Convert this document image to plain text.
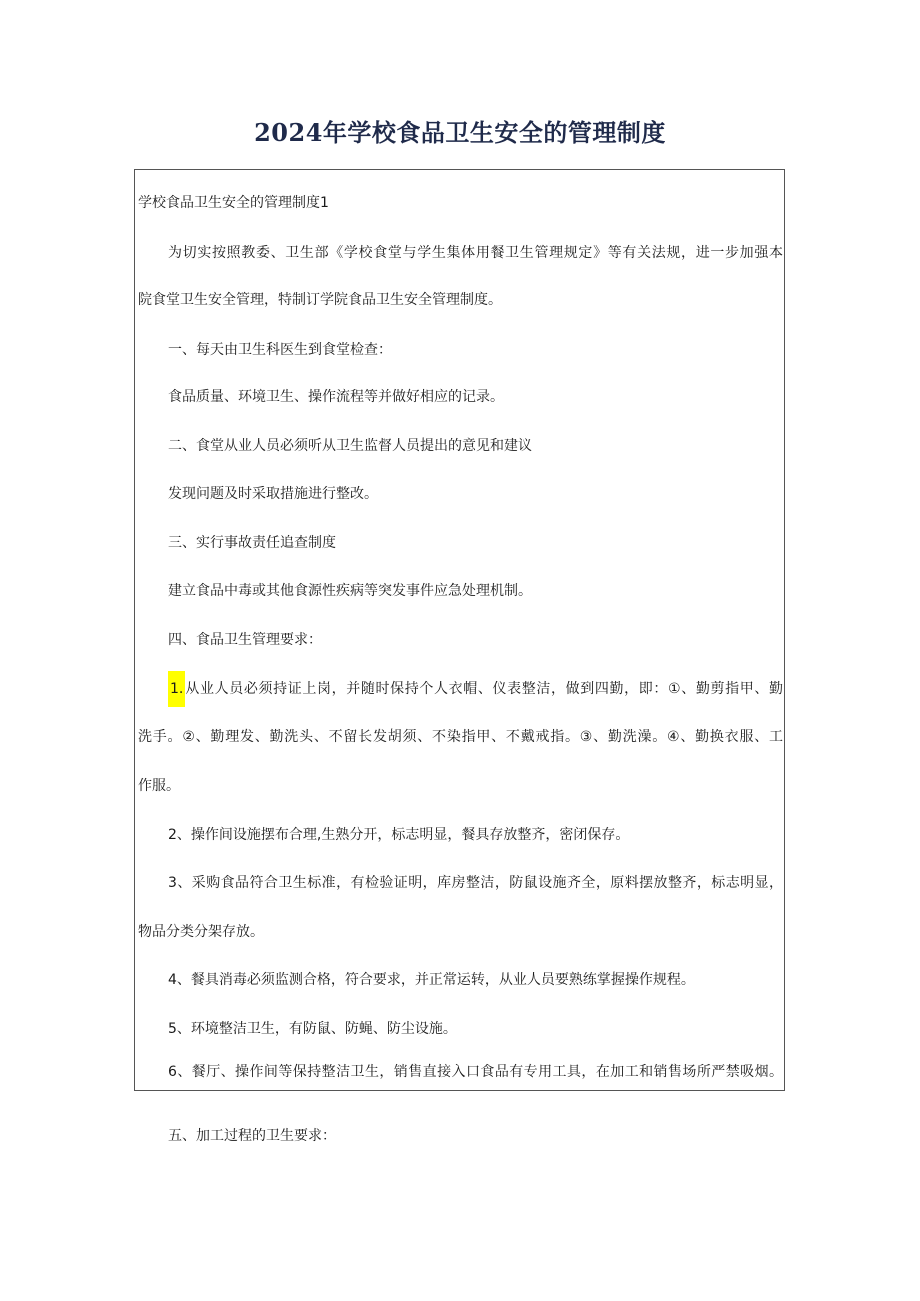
2024年学校食品卫生安全的管理制度

学校食品卫生安全的管理制度1

为切实按照教委、卫生部《学校食堂与学生集体用餐卫生管理规定》等有关法规，进一步加强本

院食堂卫生安全管理，特制订学院食品卫生安全管理制度。

一、每天由卫生科医生到食堂检查：

食品质量、环境卫生、操作流程等并做好相应的记录。

二、食堂从业人员必须听从卫生监督人员提出的意见和建议

发现问题及时采取措施进行整改。

三、实行事故责任追查制度

建立食品中毒或其他食源性疾病等突发事件应急处理机制。

四、食品卫生管理要求：

1. 从业人员必须持证上岗，并随时保持个人衣帽、仪表整洁，做到四勤，即：①、勤剪指甲、勤

洗手。②、勤理发、勤洗头、不留长发胡须、不染指甲、不戴戒指。③、勤洗澡。④、勤换衣服、工

作服。

2、操作间设施摆布合理,生熟分开，标志明显，餐具存放整齐，密闭保存。

3、采购食品符合卫生标准，有检验证明，库房整洁，防鼠设施齐全，原料摆放整齐，标志明显，

物品分类分架存放。

4、餐具消毒必须监测合格，符合要求，并正常运转，从业人员要熟练掌握操作规程。

5、环境整洁卫生，有防鼠、防蝇、防尘设施。

6、餐厅、操作间等保持整洁卫生，销售直接入口食品有专用工具，在加工和销售场所严禁吸烟。

五、加工过程的卫生要求：
